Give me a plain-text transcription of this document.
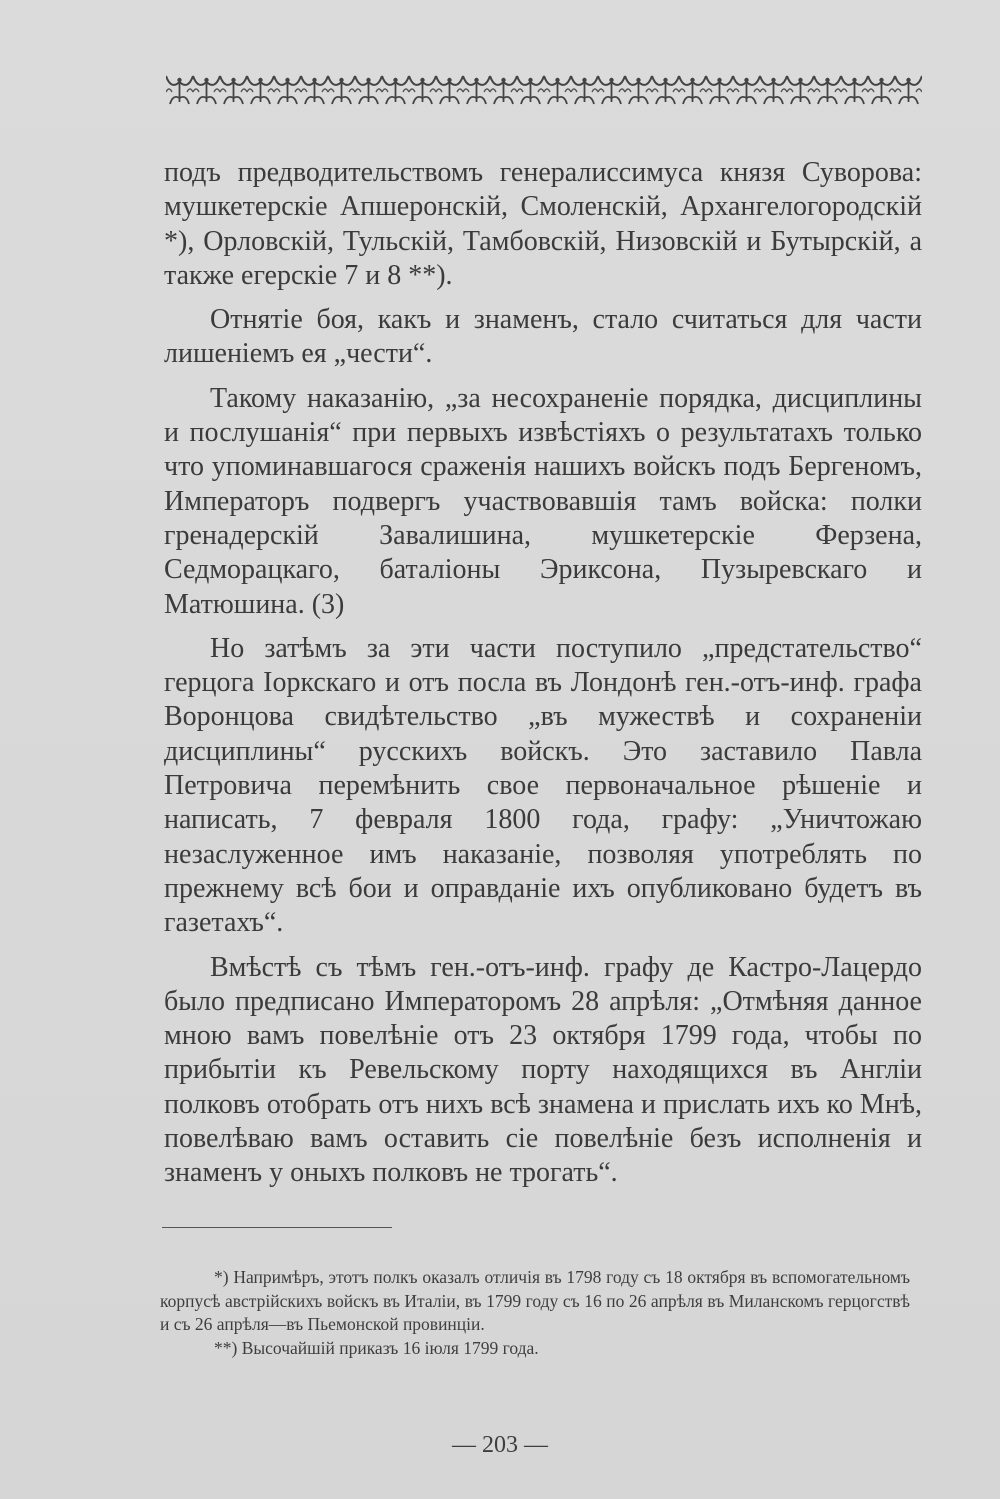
подъ предводительствомъ генералиссимуса князя Суворова: мушкетерскіе Апшеронскій, Смоленскій, Архангелогородскій *), Орловскій, Тульскій, Тамбовскій, Низовскій и Бутырскій, а также егерскіе 7 и 8 **).

Отнятіе боя, какъ и знаменъ, стало считаться для части лишеніемъ ея „чести“.

Такому наказанію, „за несохраненіе порядка, дисциплины и послушанія“ при первыхъ извѣстіяхъ о результатахъ только что упоминавшагося сраженія нашихъ войскъ подъ Бергеномъ, Императоръ подвергъ участвовавшія тамъ войска: полки гренадерскій Завалишина, мушкетерскіе Ферзена, Седморацкаго, баталіоны Эриксона, Пузыревскаго и Матюшина. (3)

Но затѣмъ за эти части поступило „предстательство“ герцога Іоркскаго и отъ посла въ Лондонѣ ген.-отъ-инф. графа Воронцова свидѣтельство „въ мужествѣ и сохраненіи дисциплины“ русскихъ войскъ. Это заставило Павла Петровича перемѣнить свое первоначальное рѣшеніе и написать, 7 февраля 1800 года, графу: „Уничтожаю незаслуженное имъ наказаніе, позволяя употреблять по прежнему всѣ бои и оправданіе ихъ опубликовано будетъ въ газетахъ“.

Вмѣстѣ съ тѣмъ ген.-отъ-инф. графу де Кастро-Лацердо было предписано Императоромъ 28 апрѣля: „Отмѣняя данное мною вамъ повелѣніе отъ 23 октября 1799 года, чтобы по прибытіи къ Ревельскому порту находящихся въ Англіи полковъ отобрать отъ нихъ всѣ знамена и прислать ихъ ко Мнѣ, повелѣваю вамъ оставить сіе повелѣніе безъ исполненія и знаменъ у оныхъ полковъ не трогать“.

*) Напримѣръ, этотъ полкъ оказалъ отличія въ 1798 году съ 18 октября въ вспомогательномъ корпусѣ австрійскихъ войскъ въ Италіи, въ 1799 году съ 16 по 26 апрѣля въ Миланскомъ герцогствѣ и съ 26 апрѣля—въ Пьемонской провинціи.

**) Высочайшій приказъ 16 іюля 1799 года.

— 203 —
